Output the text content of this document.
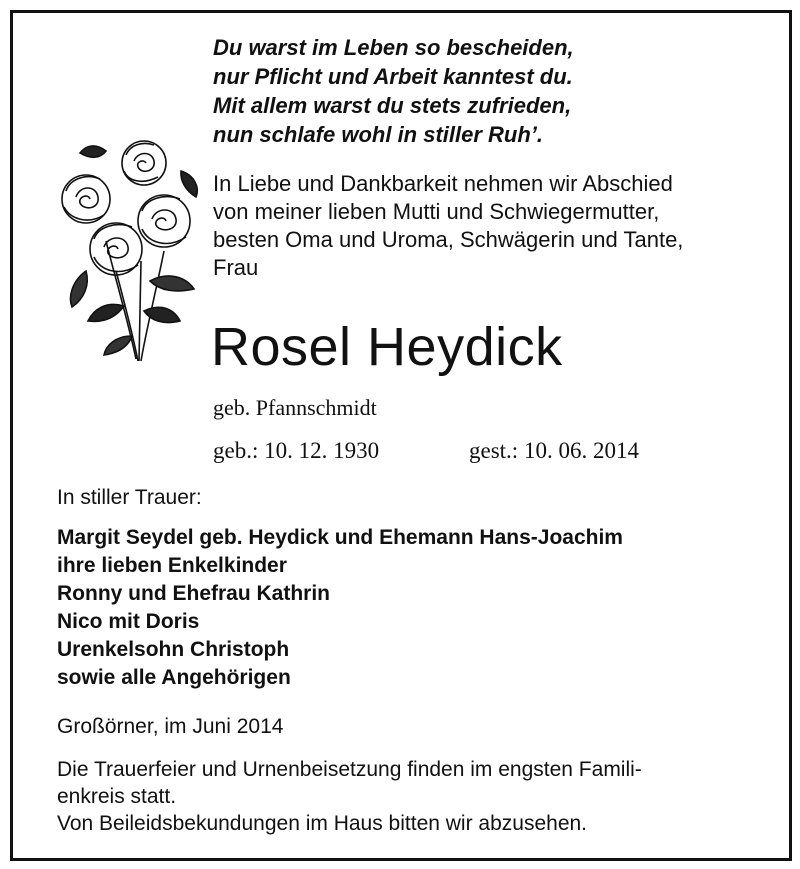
Du warst im Leben so bescheiden,
nur Pflicht und Arbeit kanntest du.
Mit allem warst du stets zufrieden,
nun schlafe wohl in stiller Ruh’.
In Liebe und Dankbarkeit nehmen wir Abschied
von meiner lieben Mutti und Schwiegermutter,
besten Oma und Uroma, Schwägerin und Tante,
Frau
Rosel Heydick
geb. Pfannschmidt
geb.: 10. 12. 1930	gest.: 10. 06. 2014
In stiller Trauer:
Margit Seydel geb. Heydick und Ehemann Hans-Joachim
ihre lieben Enkelkinder
Ronny und Ehefrau Kathrin
Nico mit Doris
Urenkelsohn Christoph
sowie alle Angehörigen
Großörner, im Juni 2014
Die Trauerfeier und Urnenbeisetzung finden im engsten Famili-
enkreis statt.
Von Beileidsbekundungen im Haus bitten wir abzusehen.
